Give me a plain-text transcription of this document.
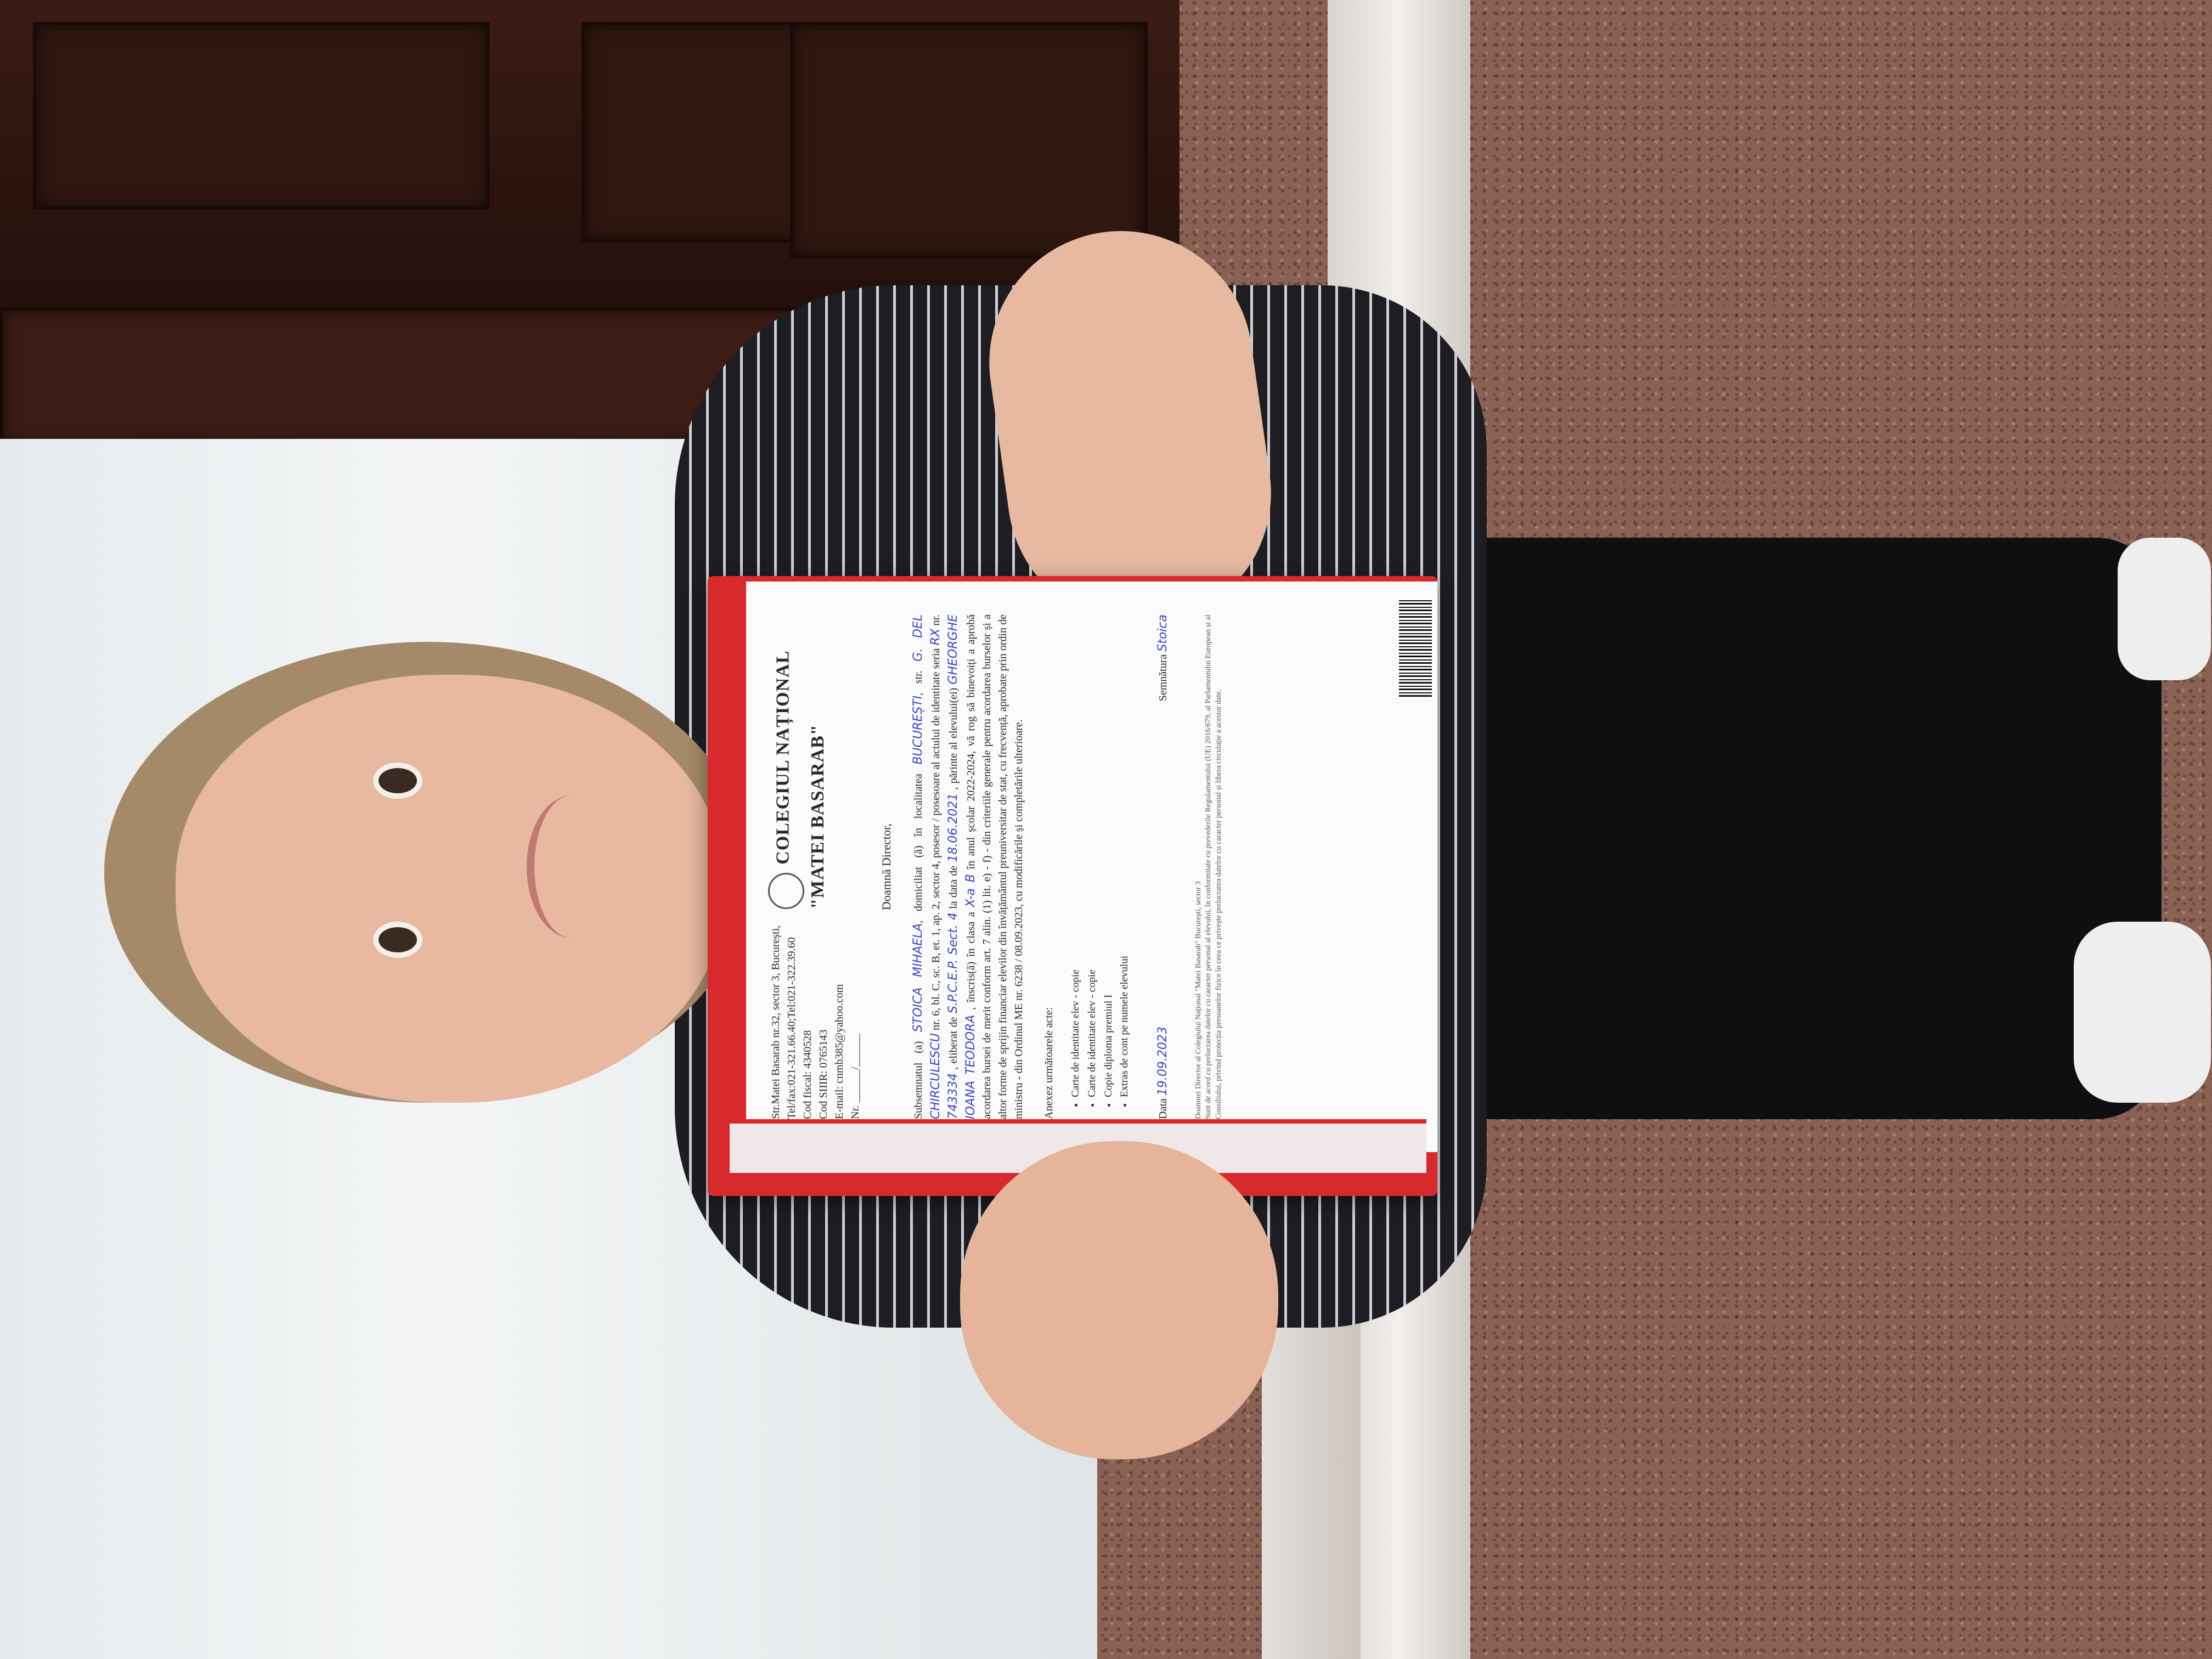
Str.Matei Basarab nr.32, sector 3, București, Tel/fax:021-321.66.40;Tel:021-322.39.60 Cod fiscal: 4340528 Cod SIIIR: 0765143 E-mail: cnmb385@yahoo.com Nr. ______/______

COLEGIUL NAȚIONAL "MATEI BASARAB"	Doamnă Director,
Subsemnatul (a) STOICA MIHAELA, domiciliat (ă) în localitatea BUCUREȘTI, str. G. DEL CHIRCULESCU nr. 6, bl. C, sc. B, et. 1, ap. 2, sector 4, posesor / posesoare al actului de identitate seria RX nr. 743334 , eliberat de S.P.C.E.P. Sect. 4 la data de 18.06.2021 , părinte al elevului(ei) GHEORGHE IOANA TEODORA , înscris(ă) în clasa a X-a B în anul școlar 2022-2024, vă rog să binevoiți a aprobă acordarea bursei de merit conform art. 7 alin. (1) lit. e) - f) - din criteriile generale pentru acordarea burselor și a altor forme de sprijin financiar elevilor din învățământul preuniversitar de stat, cu frecvență, aprobate prin ordin de ministru - din Ordinul ME nr. 6238 / 08.09.2023, cu modificările și completările ulterioare. Anexez următoarele acte: • Carte de identitate elev - copie • Carte de identitate elev - copie • Copie diploma premiul I • Extras de cont pe numele elevului
Data 19.09.2023
Semnătura Stoica
Doamnei Director al Colegiului Național "Matei Basarab" București, sector 3 Sunt de acord cu prelucrarea datelor cu caracter personal al elevului, în conformitate cu prevederile Regulamentului (UE) 2016/679, al Parlamentului European și al Consiliului, privind protecția persoanelor fizice în ceea ce privește prelucrarea datelor cu caracter personal și libera circulație a acestor date.
